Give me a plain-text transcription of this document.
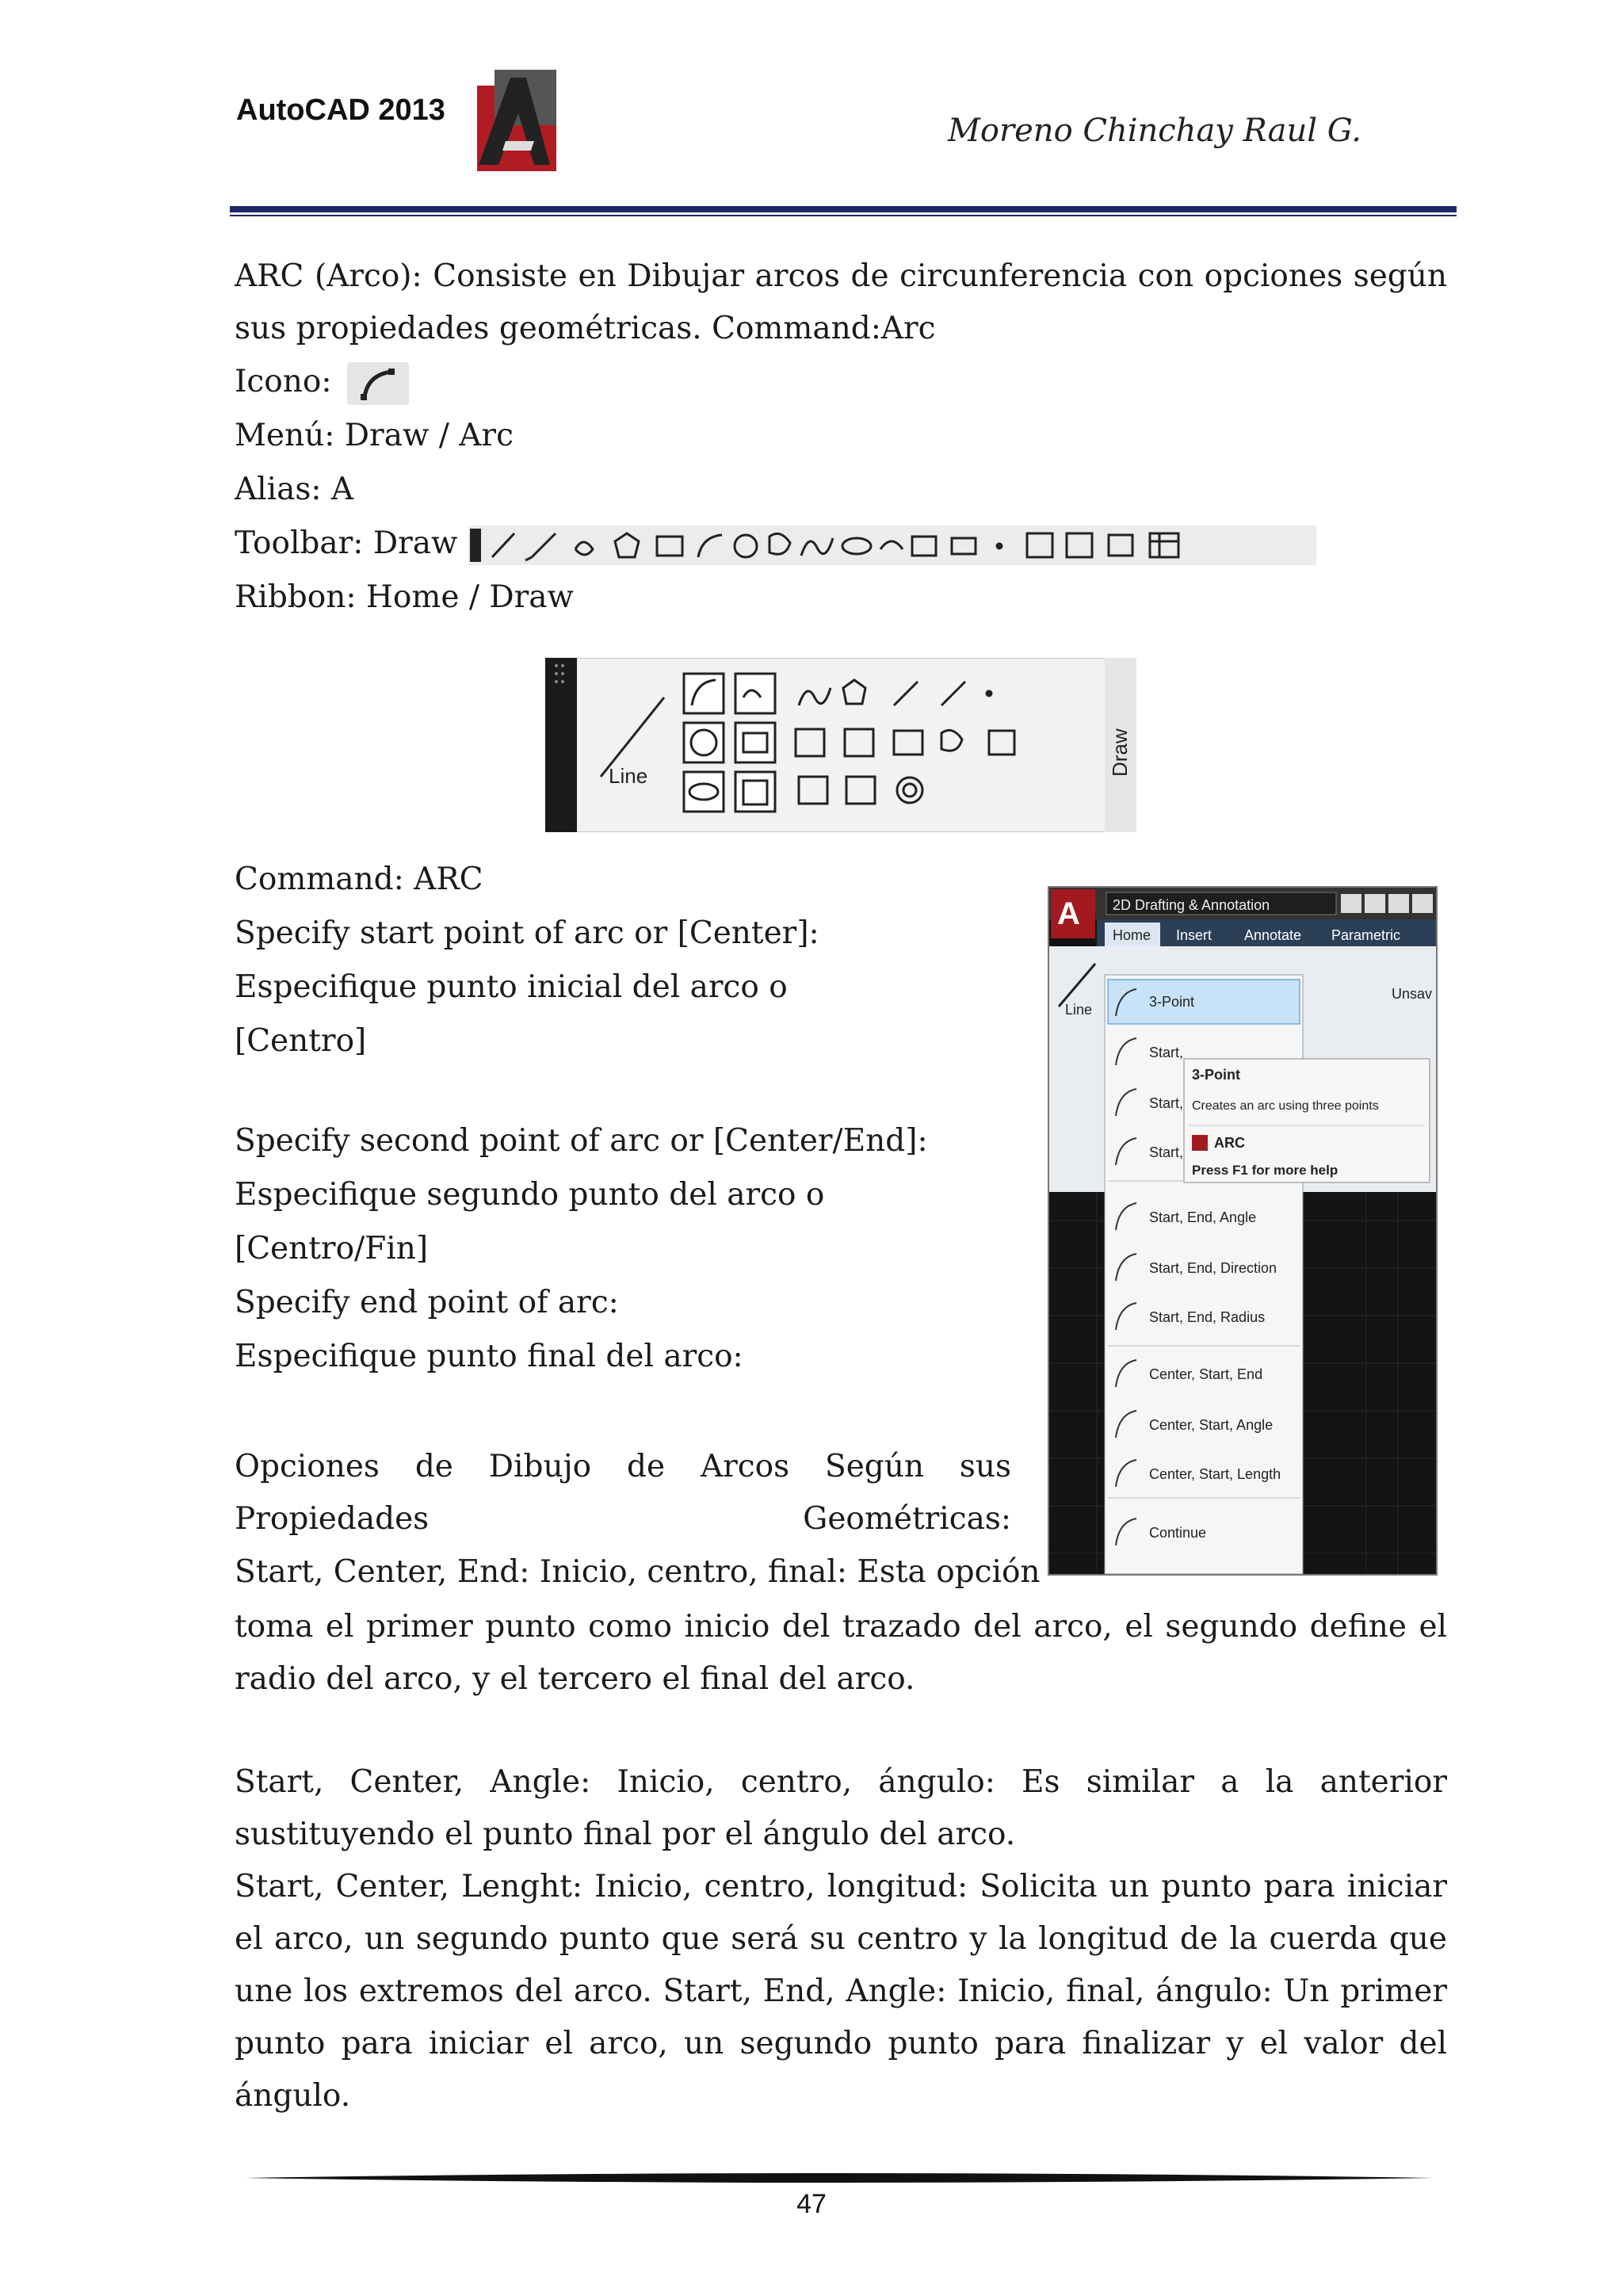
AutoCAD 2013
Moreno Chinchay Raul G.

ARC (Arco): Consiste en Dibujar arcos de circunferencia con opciones según sus propiedades geométricas. Command:Arc

Icono:

Menú: Draw / Arc

Alias: A

Toolbar: Draw

Ribbon: Home / Draw

Line	Draw

Command: ARC

Specify start point of arc or [Center]:

Especifique punto inicial del arco o

[Centro]

Specify second point of arc or [Center/End]:

Especifique segundo punto del arco o

[Centro/Fin]

Specify end point of arc:

Especifique punto final del arco:

A 2D Drafting & Annotation
Home Insert Annotate Parametric
Line
Unsav
3-Point
Start,
Start,
Start,
Start, End, Angle
Start, End, Direction
Start, End, Radius
Center, Start, End
Center, Start, Angle
Center, Start, Length
Continue
3-Point
Creates an arc using three points
ARC
Press F1 for more help

Opciones de Dibujo de Arcos Según sus Propiedades Geométricas:

Start, Center, End: Inicio, centro, final: Esta opción

toma el primer punto como inicio del trazado del arco, el segundo define el radio del arco, y el tercero el final del arco.

Start, Center, Angle: Inicio, centro, ángulo: Es similar a la anterior sustituyendo el punto final por el ángulo del arco.

Start, Center, Lenght: Inicio, centro, longitud: Solicita un punto para iniciar el arco, un segundo punto que será su centro y la longitud de la cuerda que une los extremos del arco. Start, End, Angle: Inicio, final, ángulo: Un primer punto para iniciar el arco, un segundo punto para finalizar y el valor del ángulo.

47
